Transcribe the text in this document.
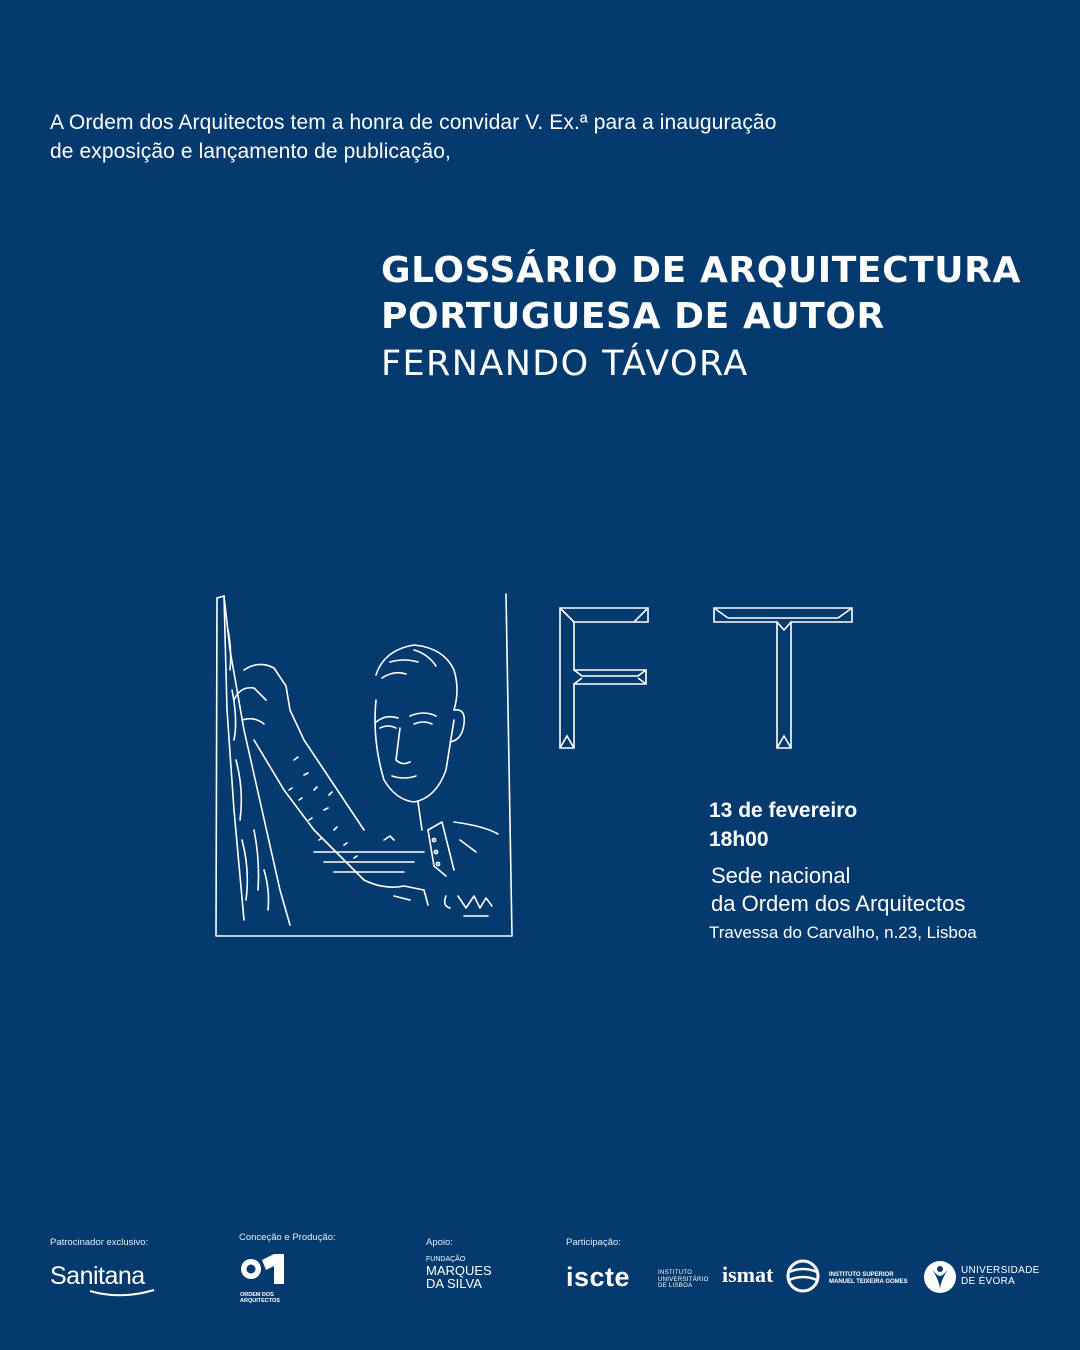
A Ordem dos Arquitectos tem a honra de convidar V. Ex.ª para a inauguração
de exposição e lançamento de publicação,
GLOSSÁRIO DE ARQUITECTURA
PORTUGUESA DE AUTOR
FERNANDO TÁVORA
13 de fevereiro
18h00
Sede nacional
da Ordem dos Arquitectos
Travessa do Carvalho, n.23, Lisboa
Patrocinador exclusivo:	Conceção e Produção:	Apoio:	Participação:
Sanitana
ORDEM DOS ARQUITECTOS
FUNDAÇÃO
MARQUES
DA SILVA	iscte	INSTITUTO
UNIVERSITÁRIO
DE LISBOA	ismat	INSTITUTO SUPERIOR
MANUEL TEIXEIRA GOMES
UNIVERSIDADE
DE ÉVORA
